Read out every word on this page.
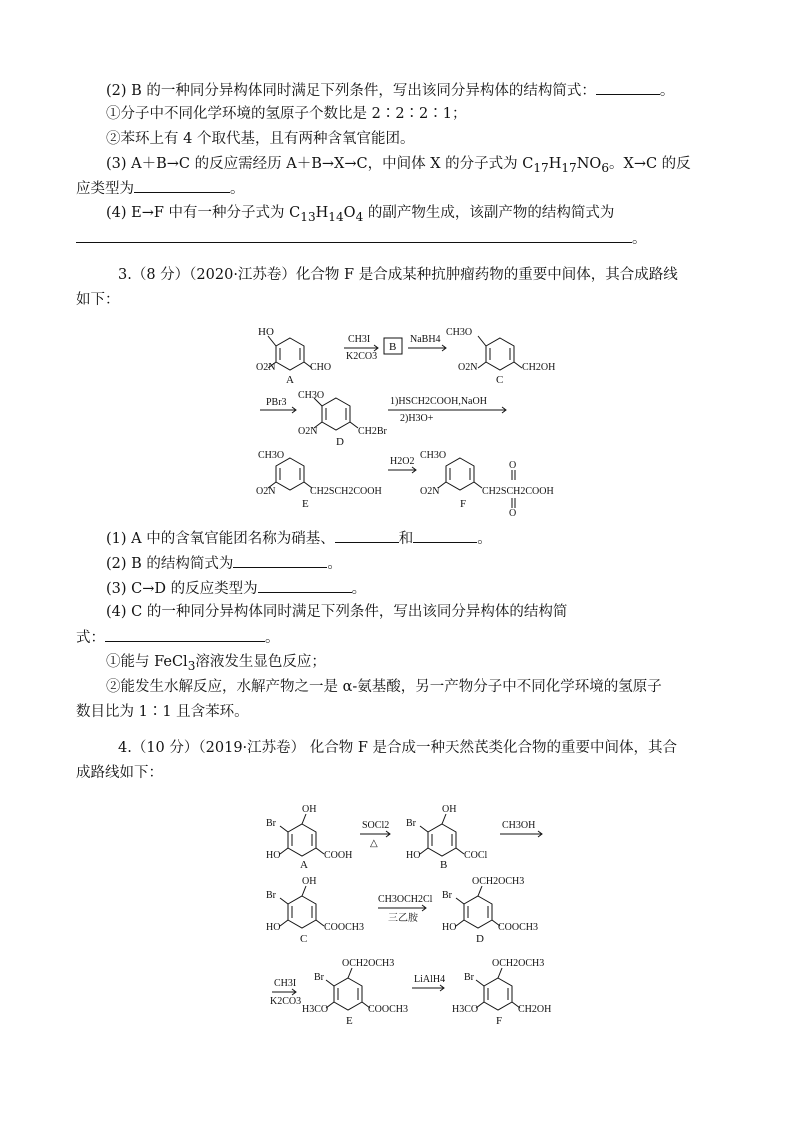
(2) B 的一种同分异构体同时满足下列条件，写出该同分异构体的结构简式：	。
①分子中不同化学环境的氢原子个数比是 2∶2∶2∶1；
②苯环上有 4 个取代基，且有两种含氧官能团。
(3) A＋B→C 的反应需经历 A＋B→X→C，中间体 X 的分子式为 $C_{17}H_{17}NO_6$。X→C 的反
应类型为	。
(4) E→F 中有一种分子式为 $C_{13}H_{14}O_4$ 的副产物生成，该副产物的结构简式为
。
3.（8 分）（2020·江苏卷）化合物 F 是合成某种抗肿瘤药物的重要中间体，其合成路线
如下：
HO
O2N	CHO
A
CH3I
K2CO3
B
NaBH4
CH3O
O2N	CH2OH
C
PBr3
CH3O
O2N	CH2Br
D
1)HSCH2COOH,NaOH
2)H3O+
CH3O
O2N	CH2SCH2COOH
E
H2O2
CH3O
O2N	CH2SCH2COOH
O
O
F
(1) A 中的含氧官能团名称为硝基、	和	。
(2) B 的结构简式为	。
(3) C→D 的反应类型为	。
(4) C 的一种同分异构体同时满足下列条件，写出该同分异构体的结构简
式：	。
①能与 FeCl$_3$溶液发生显色反应；
②能发生水解反应，水解产物之一是 α-氨基酸，另一产物分子中不同化学环境的氢原子
数目比为 1∶1 且含苯环。
4.（10 分）（2019·江苏卷） 化合物 F 是合成一种天然芪类化合物的重要中间体，其合
成路线如下：
OH
Br
HO	COOH
A
SOCl2
△
OH
Br
HO	COCl
B
CH3OH
OH
Br
HO	COOCH3
C
CH3OCH2Cl
三乙胺
OCH2OCH3
Br
HO	COOCH3
D
CH3I
K2CO3
OCH2OCH3
Br
H3CO	COOCH3
E
LiAlH4
OCH2OCH3
Br
H3CO	CH2OH
F
